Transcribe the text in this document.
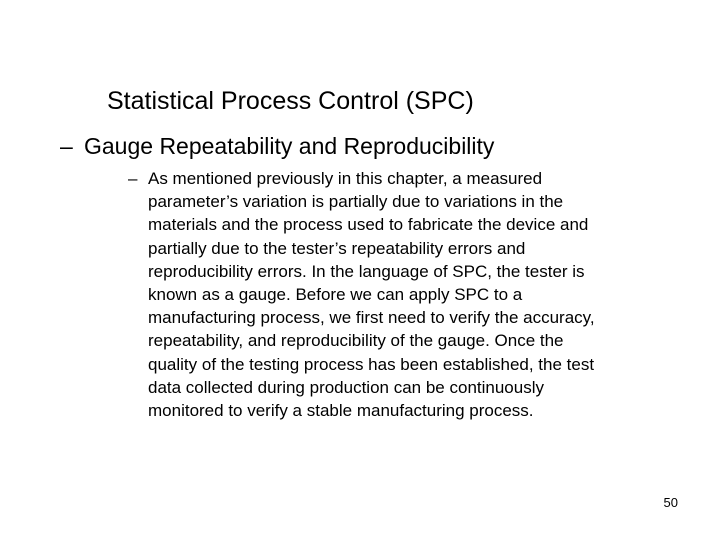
Statistical Process Control (SPC)
– Gauge Repeatability and Reproducibility
– As mentioned previously in this chapter, a measured
parameter’s variation is partially due to variations in the
materials and the process used to fabricate the device and
partially due to the tester’s repeatability errors and
reproducibility errors. In the language of SPC, the tester is
known as a gauge. Before we can apply SPC to a
manufacturing process, we first need to verify the accuracy,
repeatability, and reproducibility of the gauge. Once the
quality of the testing process has been established, the test
data collected during production can be continuously
monitored to verify a stable manufacturing process.
50
